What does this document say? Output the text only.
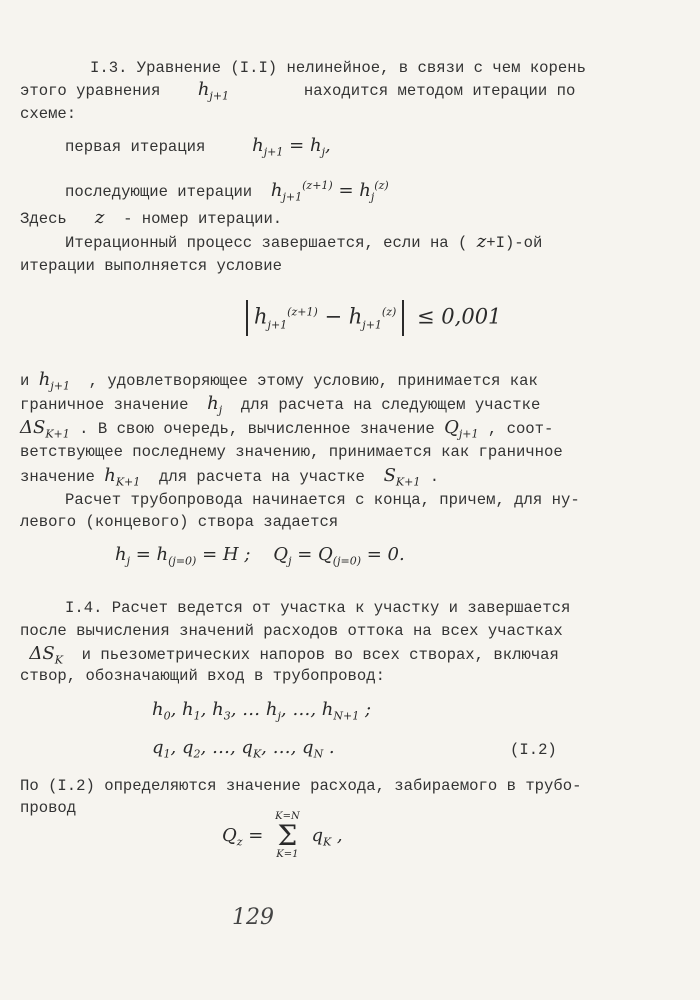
I.3. Уравнение (I.I) нелинейное, в связи с чем корень
этого уравнения $h_{j+1}$	находится методом итерации по
схеме:
первая итерация	$h_{j+1} = h_j$,
последующие итерации $h_{j+1}^{(z+1)} = h_j^{(z)}$
Здесь z - номер итерации.
Итерационный процесс завершается, если на ( z+I)-ой
итерации выполняется условие
$h_{j+1}^{(z+1)} - h_{j+1}^{(z)} \le 0,001$
и $h_{j+1}$ , удовлетворяющее этому условию, принимается как
граничное значение $h_j$ для расчета на следующем участке
$\Delta S_{K+1}$ . В свою очередь, вычисленное значение $Q_{j+1}$ , соот-
ветствующее последнему значению, принимается как граничное
значение $h_{K+1}$ для расчета на участке $S_{K+1}$ .
Расчет трубопровода начинается с конца, причем, для ну-
левого (концевого) створа задается
$h_j = h_{(j=0)} = H$ ; $Q_j = Q_{(j=0)} = 0$.
I.4. Расчет ведется от участка к участку и завершается
после вычисления значений расходов оттока на всех участках
$\Delta S_K$ и пьезометрических напоров во всех створах, включая
створ, обозначающий вход в трубопровод:
$h_0$, $h_1$, $h_3$, … $h_j$, …, $h_{N+1}$ ;
$q_1$, $q_2$, …, $q_K$, …, $q_N$ .	(I.2)
По (I.2) определяются значение расхода, забираемого в трубо-
провод
$Q_z$ =
K=N
Σ
K=1
$q_K$ ,
129
